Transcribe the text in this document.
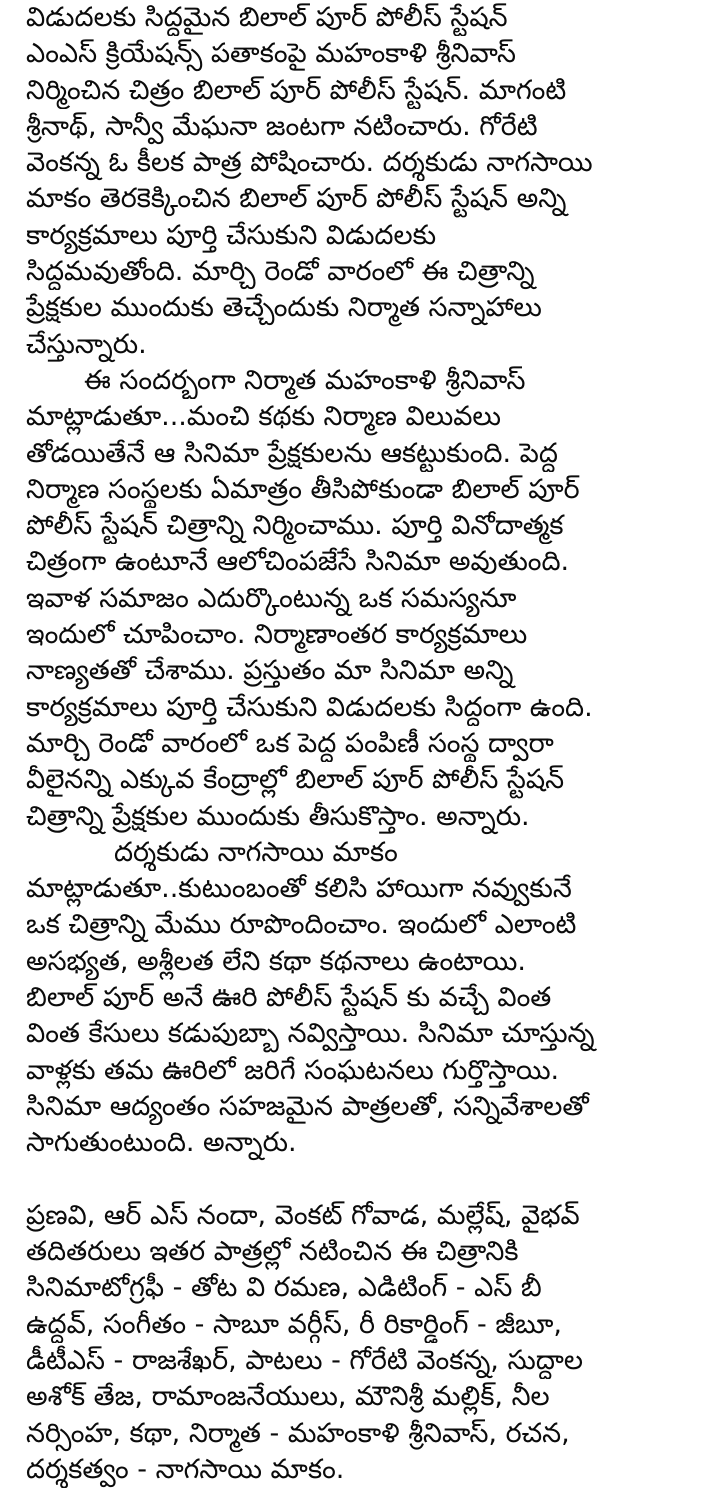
విడుదలకు సిద్ధమైన బిలాల్ పూర్ పోలీస్ స్టేషన్
ఎంఎస్ క్రియేషన్స్ పతాకంపై మహంకాళి శ్రీనివాస్
నిర్మించిన చిత్రం బిలాల్ పూర్ పోలీస్ స్టేషన్. మాగంటి
శ్రీనాథ్, సాన్వీ మేఘనా జంటగా నటించారు. గోరేటి
వెంకన్న ఓ కీలక పాత్ర పోషించారు. దర్శకుడు నాగసాయి
మాకం తెరకెక్కించిన బిలాల్ పూర్ పోలీస్ స్టేషన్ అన్ని
కార్యక్రమాలు పూర్తి చేసుకుని విడుదలకు
సిద్ధమవుతోంది. మార్చి రెండో వారంలో ఈ చిత్రాన్ని
ప్రేక్షకుల ముందుకు తెచ్చేందుకు నిర్మాత సన్నాహాలు
చేస్తున్నారు.
ఈ సందర్భంగా నిర్మాత మహంకాళి శ్రీనివాస్
మాట్లాడుతూ...మంచి కథకు నిర్మాణ విలువలు
తోడయితేనే ఆ సినిమా ప్రేక్షకులను ఆకట్టుకుంది. పెద్ద
నిర్మాణ సంస్థలకు ఏమాత్రం తీసిపోకుండా బిలాల్ పూర్
పోలీస్ స్టేషన్ చిత్రాన్ని నిర్మించాము. పూర్తి వినోదాత్మక
చిత్రంగా ఉంటూనే ఆలోచింపజేసే సినిమా అవుతుంది.
ఇవాళ సమాజం ఎదుర్కొంటున్న ఒక సమస్యనూ
ఇందులో చూపించాం. నిర్మాణాంతర కార్యక్రమాలు
నాణ్యతతో చేశాము. ప్రస్తుతం మా సినిమా అన్ని
కార్యక్రమాలు పూర్తి చేసుకుని విడుదలకు సిద్ధంగా ఉంది.
మార్చి రెండో వారంలో ఒక పెద్ద పంపిణీ సంస్థ ద్వారా
వీలైనన్ని ఎక్కువ కేంద్రాల్లో బిలాల్ పూర్ పోలీస్ స్టేషన్
చిత్రాన్ని ప్రేక్షకుల ముందుకు తీసుకొస్తాం. అన్నారు.
దర్శకుడు నాగసాయి మాకం
మాట్లాడుతూ..కుటుంబంతో కలిసి హాయిగా నవ్వుకునే
ఒక చిత్రాన్ని మేము రూపొందించాం. ఇందులో ఎలాంటి
అసభ్యత, అశ్లీలత లేని కథా కథనాలు ఉంటాయి.
బిలాల్ పూర్ అనే ఊరి పోలీస్ స్టేషన్ కు వచ్చే వింత
వింత కేసులు కడుపుబ్బా నవ్విస్తాయి. సినిమా చూస్తున్న
వాళ్లకు తమ ఊరిలో జరిగే సంఘటనలు గుర్తొస్తాయి.
సినిమా ఆద్యంతం సహజమైన పాత్రలతో, సన్నివేశాలతో
సాగుతుంటుంది. అన్నారు.
ప్రణవి, ఆర్ ఎస్ నందా, వెంకట్ గోవాడ, మల్లేష్, వైభవ్
తదితరులు ఇతర పాత్రల్లో నటించిన ఈ చిత్రానికి
సినిమాటోగ్రఫీ - తోట వి రమణ, ఎడిటింగ్ - ఎస్ బీ
ఉద్ధవ్, సంగీతం - సాబూ వర్గీస్, రీ రికార్డింగ్ - జీబూ,
డీటీఎస్ - రాజశేఖర్, పాటలు - గోరేటి వెంకన్న, సుద్దాల
అశోక్ తేజ, రామాంజనేయులు, మౌనిశ్రీ మల్లిక్, నీల
నర్సింహ, కథా, నిర్మాత - మహంకాళి శ్రీనివాస్, రచన,
దర్శకత్వం - నాగసాయి మాకం.
